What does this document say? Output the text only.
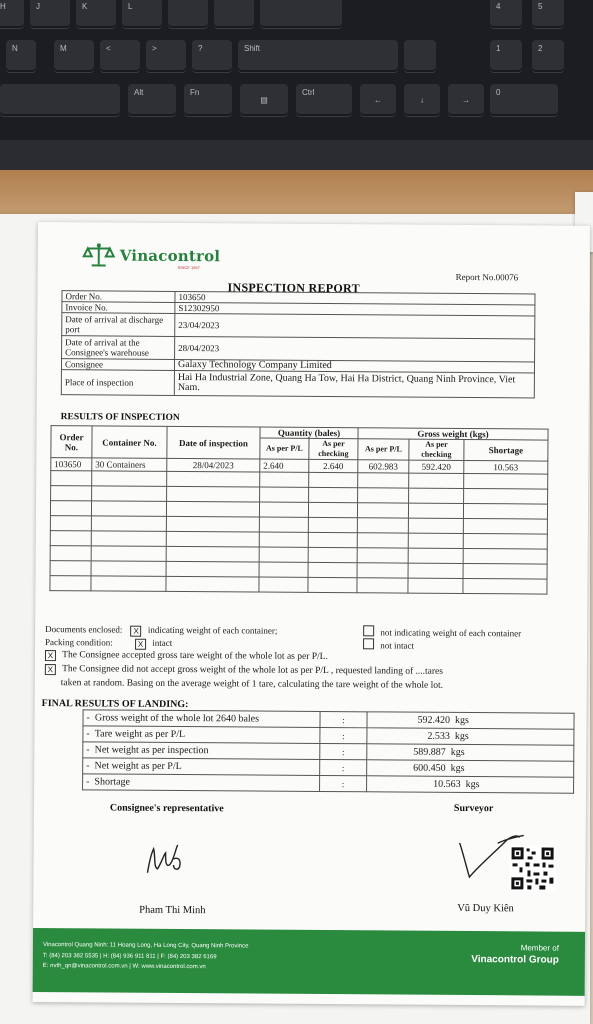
H	J	K	L	4	5
N	M	<	>	?	Shift	1	2
Alt	Fn
▤
Ctrl
←	↓	→
0
Vinacontrol
SINCE 1957
Report No.00076
INSPECTION REPORT
Order No.	103650
Invoice No.	S12302950
Date of arrival at discharge port	23/04/2023
Date of arrival at the Consignee's warehouse	28/04/2023
Consignee	Galaxy Technology Company Limited
Place of inspection	Hai Ha Industrial Zone, Quang Ha Tow, Hai Ha District, Quang Ninh Province, Viet Nam.
RESULTS OF INSPECTION
Order No.	Container No.	Date of inspection	Quantity (bales)		Gross weight (kgs)		
			As per P/L	As per checking	As per P/L	As per checking	Shortage
103650	30 Containers	28/04/2023	2.640	2.640	602.983	592.420	10.563

Documents enclosed: X indicating weight of each container;	not indicating weight of each container
Packing condition:	X intact	not intact
X The Consignee accepted gross tare weight of the whole lot as per P/L.
X The Consignee did not accept gross weight of the whole lot as per P/L , requested landing of ....tares
taken at random. Basing on the average weight of 1 tare, calculating the tare weight of the whole lot.
FINAL RESULTS OF LANDING:
- Gross weight of the whole lot 2640 bales	:	592.420 kgs
- Tare weight as per P/L	:	2.533 kgs
- Net weight as per inspection	:	589.887 kgs
- Net weight as per P/L	:	600.450 kgs
- Shortage	:	10.563 kgs
Consignee's representative	Surveyor
Pham Thi Minh	Vũ Duy Kiên
Vinacontrol Quang Ninh: 11 Hoang Long, Ha Long City, Quang Ninh Province
T: (84) 203 382 5535 | H: (84) 936 911 811 | F: (84) 203 382 6169
E: nvth_qn@vinacontrol.com.vn | W: www.vinacontrol.com.vn
Member of
Vinacontrol Group
